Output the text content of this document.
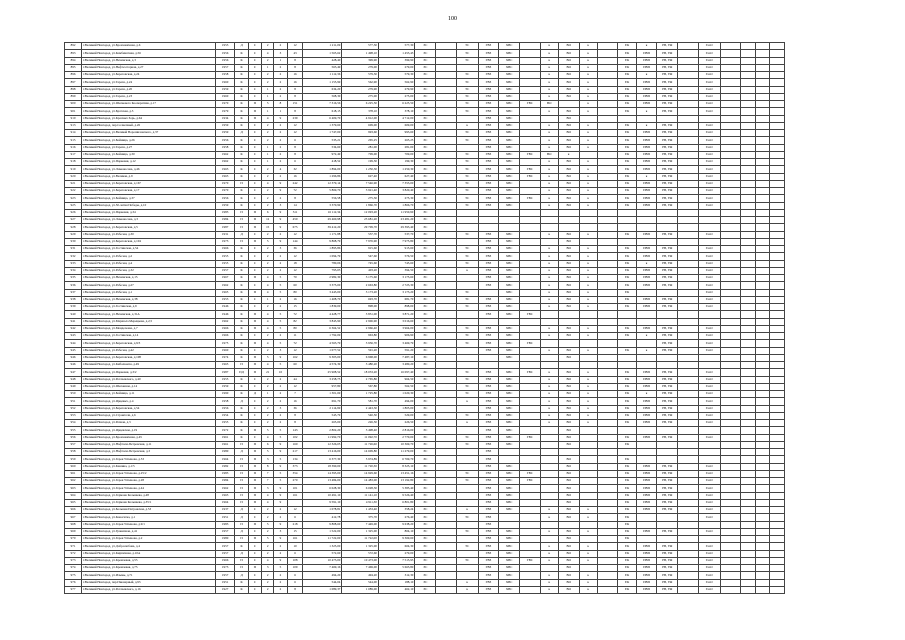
100
892	г.Великий Новгород, ул.Бронзовичная, д.6	1953	Д	С	2	2	12	1 211,09	577,30	577,30	ЭС		ТС	ГВЗ	ХВС		к	ВО	к		ЕК	к	РВ, УФ		ГазО				
893	г.Великий Новгород, ул.Комбинатная, д.56	1956	К	С	4	3	43	1 565,62	1 498,10	1 453,43	ЭС		ТС	ГВЗ	ХВС		к	ВО	к		ЕК	ПВП	РВ, УФ		ГазО				
894	г.Великий Новгород, ул.Нехинская, д.3	1956	К	С	2	1	8	428,40	399,90	399,90	ЭС		ТС	ГВЗ	ХВС		к	ВО	к		ЕК	ПВП	РВ, УФ		ГазО				
895	г.Великий Новгород, ул.Нефтеэстерная, д.27	1957	К	С	1	2	8	563,49	279,00	279,00	ЭС			ГВЗ	ХВС		к	ВО	к		ЕК	ПВП	РВ, УФ		ГазО				
896	г.Великий Новгород, ул.Береговская, д.24	1958	К	С	2	2	16	1 112,36	579,30	579,30	ЭС		ТС	ГВЗ	ХВС		к	ВО	к		ЕК	к	РВ, УФ		ГазО				
897	г.Великий Новгород, ул.Тереха, д.24	1960	К	С	2	2	16	1 155,99	562,90	562,90	ЭС		ТС	ГВЗ	ХВС		к	ВО	к		ЕК	ПВП	РВ, УФ		ГазО				
898	г.Великий Новгород, ул.Тереха, д.20	1959	К	С	1	2	8	634,20	279,90	279,90	ЭС		ТС	ГВЗ	ХВС		к	ВО	к		ЕК	ПВП	РВ, УФ		ГазО				
899	г.Великий Новгород, ул.Тереха, д.23	1960	К	С	1	2	8	568,30	275,00	275,00	ЭС		ТС	ГВЗ	ХВС		к	ВО	к		ЕК	ПВП	РВ, УФ		ГазО				
900	г.Великий Новгород, ул.Шелкового Кооператива, д.17	1970	К	П	5	8	151	7 316,56	6 225,50	6 225,50	ЭС		ТС	ГВЗ	ХВС	ГВС	ВО		к		ЕК	ПВП	РВ, УФ		ГазО				
901	г.Великий Новгород, ул.Братская, д.3	1979	К	П	1	1	8	618,15	378,10	378,10	ЭС		ТС	ГВЗ	ХВС		к	ВО	к		ЕК	к	РВ, УФ		ГазО				
910	г.Великий Новгород, ул.Красных Зорь, д.64	1934	К	П	4	9	239	6 409,70	4 912,00	4 712,00	ЭС			ГВЗ	ХВС			ВО											
913	г.Великий Новгород, пер.Солнечный, д.26	1959	К	С	2	2	12	1 379,60	609,00	609,00	ЭС		к	ГВЗ	ХВС		к	ВО	к		ЕК	к	РВ, УФ		ГазО				
914	г.Великий Новгород, ул.Великой Ворошиловского, д.37	1959	Д	С	2	2	12	1 747,00	993,60	993,60	ЭС		ТС	ГВЗ	ХВС		к	ВО	к		ЕК	ПВП	РВ, УФ		ГазО				
915	г.Великий Новгород, ул.Бойница, д.26	1956	К	С	2	2	6	535,21	265,25	265,25	ЭС		ТС	ГВЗ	ХВС		к	ВО	к		ЕК	ПВП	РВ, УФ		ГазО				
916	г.Великий Новгород, ул.Тереха, д.27	1958	К	С	1	2	8	534,60	281,00	281,00	ЭС			ГВЗ	ХВС		к	ВО	к		ЕК	ПВП	РВ, УФ		ГазО				
917	г.Великий Новгород, ул.Бойница, д.30	1962	К	С	1	2	8	972,49	709,00	709,00	ЭС		ТС	ГВЗ	ХВС	ГВС	ВО	к			ЕК	ПВП	РВ, УФ		ГазО				
918	г.Великий Новгород, ул.Парковая, д.12	1962	К	С	1	2	6	418,52	199,30	199,30	ЭС		ТС	ГВЗ	ХВС		к	ВО	к		ЕК	ПВП	РВ, УФ		ГазО				
919	г.Великий Новгород, ул.Ломоносова, д.46	1963	К	С	2	4	32	1 894,00	1 250,30	1 250,30	ЭС		ТС	ГВЗ	ХВС	ГВС	к	ВО	к		ЕК	ПВП	РВ, УФ		ГазО				
920	г.Великий Новгород, ул.Великая, д.9	1963	К	С	2	2	16	1 296,86	627,40	627,40	ЭС		ТС	ГВЗ	ХВС	ГВС	к	ВО	к		ЕК	к	РВ, УФ		ГазО				
921	г.Великий Новгород, ул.Береговская, д.167	1970	П	С	4	9	242	12 379,14	7 546,90	7 353,00	ЭС		ТС	ГВЗ	ХВС		к	ВО	к		ЕК	ПВП	РВ, УФ		ГазО				
922	г.Великий Новгород, ул.Береговская, д.17	1970	К	С	2	9	72	5 869,70	3 921,40	3 820,40	ЭС		ТС	ГВЗ	ХВС		к	ВО	к		ЕК	ПВП	РВ, УФ		ГазО				
923	г.Великий Новгород, ул.Бойница, д.37	1956	К	С	2	2	8	556,58	275,30	275,30	ЭС		ТС	ГВЗ	ХВС	ГВС	к	ВО	к		ЕК	ПВП	РВ, УФ		ГазО				
925	г.Великий Новгород, ул.50-летия Победы, д.10	1959	К	С	2	3	14	3 370,99	1 866,70	1 866,70	ЭС		ТС	ГВЗ	ХВС		к	ВО	к		ЕК	ПВП	РВ, УФ		ГазО				
926	г.Великий Новгород, ул.Парковая, д.34	1983	П	П	6	9	311	16 112,34	12 093,20	11 950,90	ЭС																		
927	г.Великий Новгород, ул.Ломоносова, д.3	1984	П	П	12	9	450	29 460,98	23 681,20	23 481,20	ЭС																		
928	г.Великий Новгород, ул.Береговская, д.5	1987	П	П	15	9	675	39 412,20	29 709,70	29 393,40	ЭС																		
929	г.Великий Новгород, ул.Рабочая, д.30	1931	Д	С	2	2	12	1 171,88	537,70	537,70	ЭС		ТС	ГВЗ	ХВС		к	ВО	к		ЕК	ПВП	РВ, УФ		ГазО				
930	г.Великий Новгород, ул.Береговская, д.104	1973	П	П	5	9	144	9 868,79	7 976,90	7 975,80	ЭС			ГВЗ	ХВС			ВО											
931	г.Великий Новгород, ул.Гостинская, д.54	1966	К	С	2	3	36	1 895,86	915,60	915,60	ЭС		ТС	ГВЗ	ХВС		к	ВО	к		ЕК	ПВП	РВ, УФ		ГазО				
932	г.Великий Новгород, ул.Рабочая, д.2	1955	К	С	2	2	12	1 094,79	547,60	576,50	ЭС		ТС	ГВЗ	ХВС		к	ВО	к		ЕК	ПВП	РВ, УФ		ГазО				
933	г.Великий Новгород, ул.Рабочая, д.4	1955	К	С	2	2	18	780,06	745,60	745,60	ЭС		ТС	ГВЗ	ХВС		к	ВО	к		ЕК	к	РВ, УФ		ГазО				
934	г.Великий Новгород, ул.Рабочая, д.32	1957	К	С	2	2	12	795,03	403,20	394,50	ЭС		к	ГВЗ	ХВС		к	ВО	к		ЕК	ПВП	РВ, УФ		ГазО				
935	г.Великий Новгород, ул.Нехинская, д.15	1967	К	П	4	5	70	2 982,30	3 175,60	3 175,60	ЭС			ГВЗ	ХВС		к	ВО	к		ЕК	ПВП	РВ, УФ		ГазО				
936	г.Великий Новгород, ул.Рабочая, д.27	1962	К	С	4	5	60	3 375,00	2 663,80	2 723,30	ЭС			ГВЗ	ХВС		к	ВО	к		ЕК	ПВП	РВ, УФ		ГазО				
937	г.Великий Новгород, ул.Рабочая, д.1	1965	К	П	4	5	80	3 443,00	3 173,20	3 173,20	ЭС		ТС		ХВС		к	ВО	к		ЕК				ГазО				
938	г.Великий Новгород, ул.Нехинская, д.38	1953	К	С	1	2	16	1 408,70	693,70	681,70	ЭС		ТС	ГВЗ	ХВС		к	ВО	к		ЕК	ПВП	РВ, УФ		ГазО				
939	г.Великий Новгород, ул.Гостинская, д.9	1946	К	С	2	2	15	1 839,00	898,00	898,00	ЭС		ТС	ГВЗ	ХВС		к	ВО	к		ЕК	ПВП	РВ, УФ		ГазО				
940	г.Великий Новгород, ул.Нехинская, д.31А	1946	К	П	4	5	72	4 428,77	3 831,00	3 871,20	ЭС			ГВЗ	ХВС	ГВС													
941	г.Великий Новгород, ул.Маршала Мерецкова, д.2,5	1962	К	П	4	5	82	3 845,90	2 906,90	3 016,60	ЭС																		
942	г.Великий Новгород, ул.Менделеева, д.7	1966	К	П	4	5	80	6 364,52	2 966,40	3 964,00	ЭС		ТС	ГВЗ	ХВС		к	ВО	к		ЕК	ПВП	РВ, УФ		ГазО				
943	г.Великий Новгород, ул.Гостинская, д.14	1966	К	С	2	2	11	1 792,09	963,80	906,90	ЭС		ТС	ГВЗ	ХВС		к	ВО	к		ЕК	к	РВ, УФ		ГазО				
944	г.Великий Новгород, ул.Береговская, д.9/3	1975	К	П	4	5	72	4 563,79	3 936,70	3 469,79	ЭС		ТС	ГВЗ	ХВС	ГВС							РВ, УФ		ГазО				
945	г.Великий Новгород, ул.Рабочая, д.42	1960	К	С	2	3	12	1 077,52	591,20	591,20	ЭС			ГВЗ	ХВС		к	ВО	к		ЕК	к	РВ, УФ		ГазО				
946	г.Великий Новгород, ул.Береговская, д.108	1974	К	П	5	9	162	9 303,00	6 968,00	7 487,10	ЭС				ХВС			ВО											
946	г.Великий Новгород, ул.Кибальчича, д.49	1965	П	П	4	5	60	4 574,39	3 480,20	3 480,20	ЭС																		
947	г.Великий Новгород, ул.Парковая, д.3/2	1987	ПД	П	21	10		25 908,52	18 033,20	16 097,40	ЭС		ТС	ГВЗ	ХВС	ГВС	к	ВО	к		ЕК	ПВП	РВ, УФ		ГазО				
948	г.Великий Новгород, ул.Рогачевского, д.40	1955	К	С	2	2	44	3 258,75	2 765,80	964,50	ЭС		ТС	ГВЗ	ХВС		к	ВО	к		ЕК	ПВП	РВ, УФ		ГазО				
949	г.Великий Новгород, ул.Шелонная, д.14	1959	К	С	2	2	12	957,80	567,80	562,50	ЭС		ТС	ГВЗ	ХВС		к	ВО	к		ЕК	ПВП	РВ, УФ		ГазО				
950	г.Великий Новгород, ул.Бойница, д.11	1990	К	Д	1	2	7	1 301,69	1 725,80	1 020,30	ЭС		ТС	ГВЗ	ХВС		к	ВО	к		ЕК	к	РВ, УФ		ГазО				
951	г.Великий Новгород, ул.Ярцевых, д.4	1958	Д	С	2	2	16	691,70	581,70	494,00	ЭС		к	ГВЗ	ХВС		к	ВО	к		ЕК	ПВП	РВ, УФ		ГазО				
952	г.Великий Новгород, ул.Береговская, д.54	1956	К	С	2	3	36	2 114,99	2 443,30	1 805,00	ЭС			ГВЗ	ХВС		к	ВО	к		ЕК	ПВП	РВ, УФ		ГазО				
953	г.Великий Новгород, ул.Строителя, д.6	1954	К	С	2	2	8	545,79	540,50	529,00	ЭС		ТС	ГВЗ	ХВС		к	ВО	к		ЕК	ПВП	РВ, УФ		ГазО				
954	г.Великий Новгород, ул.Речная, д.3	1955	К	С	2	2	8	265,00	226,50	226,50	ЭС		к	ГВЗ	ХВС		к	ВО	к		ЕК	ПВП	РВ, УФ		ГазО				
955	г.Великий Новгород, ул.Ярцевская, д.19	1972	К	П	5	5	143	2 802,20	3 498,40	2 816,00	ЭС			ГВЗ	ХВС			ВО											
956	г.Великий Новгород, ул.Бронзовичная, д.45	1961	К	С	4	5	102	11 992,70	11 092,70	2 770,00	ЭС		ТС	ГВЗ	ХВС	ГВС		ВО			ЕК	ПВП	РВ, УФ		ГазО				
957	г.Великий Новгород, ул.Нафтали-Петровская, д.11	1961	П	П	6	9	160	12 326,05	11 726,60	10 369,70	ЭС		ТС	ГВЗ	ХВС			ВО			ЕК								
958	г.Великий Новгород, ул.Нафтали-Петровская, д.3	1980	Д	П	5	9	217	13 416,00	14 609,80	11 279,00	ЭС			ГВЗ															
959	г.Великий Новгород, ул.Героя Успенова, д.53	1964	П	П	3	5	134	6 377,30	5 974,89	6 769,70	ЭС			ГВЗ				ВО			ЕК								
960	г.Великий Новгород, ул.Кашина, д.1/5	1982	П	П	8	9	373	18 390,00	11 720,30	8 325,10	ЭС			ГВЗ	ХВС			ВО			ЕК	ПВП	РВ, УФ		ГазО				
961	г.Великий Новгород, ул.Героя Успенова, д.25/2	1983	П	П	7	5	354	14 395,00	14 929,60	13 451,16	ЭС		ТС	ГВЗ	ХВС	ГВС		ВО			ЕК	ПВП	РВ, УФ		ГазО				
962	г.Великий Новгород, ул.Героя Успенова, д.28	1984	П	П	7	5	270	13 484,00	14 483,00	13 192,80	ЭС		ТС	ГВЗ	ХВС	ГВС		ВО			ЕК	ПВП	РВ, УФ		ГазО				
963	г.Великий Новгород, ул.Героя Успенова, д.44	1962	П	П	3	9	101	6 028,30	6 028,30	5 385,40	ЭС			ГВЗ	ХВС			ВО			ЕК	ПВП	РВ, УФ		ГазО				
964	г.Великий Новгород, ул.Германа Колышева, д.48	1963	П	П	4	9	161	10 491,10	11 141,10	9 526,40	ЭС			ГВЗ	ХВС			ВО			ЕК	ПВП	РВ, УФ		ГазО				
965	г.Великий Новгород, ул.Германа Колышева, д.35/1	1964	П	П	4	9		9 591,10	4 911,30	6 801,80	ЭС			ГВЗ	ХВС			ВО			ЕК	ПВП	РВ, УФ		ГазО				
966	г.Великий Новгород, ул.Большая Петровская, д.53	1937	Д	С	2	2	12	1 078,81	1 453,40	358,24	ЭС		к	ГВЗ	ХВС		к	ВО	к		ЕК	ПВП	РВ, УФ		ГазО				
967	г.Великий Новгород, ул.Коногатка, д.1	1951	Д	С	2	2	6	412,78	375,70	276,40	ЭС		ТС	ГВЗ			к	ВО	к		ЕК				ГазО				
968	г.Великий Новгород, ул.Героя Успенова, д.9/1	1983	П	П	5	9	218	9 808,60	7 449,00	9 638,20	ЭС			ГВЗ							ЕК								
969	г.Великий Новгород, ул.Граничная, д.41	1957	Д	С	2	3	15	1 522,00	1 325,00	804,10	ЭС		ТС	ГВЗ	ХВС		к	ВО	к		ЕК	ПВП	РВ, УФ		ГазО				
970	г.Великий Новгород, ул.Героя Успенова, д.2	1980	П	П	5	9	161	11 722,00	11 722,00	9 369,60	ЭС			ГВЗ	ХВС			ВО			ЕК								
971	г.Великий Новгород, ул.Добролюбова, д.4	1957	К	С	2	2	10	1 325,00	1 325,00	604,30	ЭС		ТС	ГВЗ	ХВС		к	ВО	к		ЕК	ПВП	РВ, УФ		ГазО				
972	г.Великий Новгород, ул.Кирпичная, д.10А	1957	Д	С	2	2	6	572,60	572,60	279,00	ЭС			ГВЗ	ХВС		к	ВО	к		ЕК	ПВП	РВ, УФ		ГазО				
973	г.Великий Новгород, ул.Кремлевая, д.55	1966	П	С	4	9	108	10 473,00	10 473,00	7 515,93	ЭС		ТС	ГВЗ	ХВС	ГВС	к	ВО	к		ЕК	ПВП	РВ, УФ		ГазО				
974	г.Великий Новгород, ул.Кремлевая, д.75	1973	П	П	3	5	109	7 469,16	7 469,00	5 663,80	ЭС			ГВЗ	ХВС			ВО			ЕК	ПВП	РВ, УФ		ГазО				
975	г.Великий Новгород, ул.Ильмы, д.71	1957	Д	С	2	2	6	494,20	494,20	312,30	ЭС			ГВЗ	ХВС		к	ВО	к		ЕК	ПВП	РВ, УФ		ГазО				
976	г.Великий Новгород, пер.Пионерный, д.93	1951	К	С	2	2	6	544,04	544,00	188,10	ЭС		к	ГВЗ	ХВС		к	ВО	к		ЕК	ПВП	РВ, УФ		ГазО				
977	г.Великий Новгород, ул.Рогачевского, д.16	1927	К	С	2	2	8	1 089,37	1 089,00	462,10	ЭС		к	ГВЗ	ХВС		к	ВО	к		ЕК	ПВП	РВ, УФ		ГазО				
